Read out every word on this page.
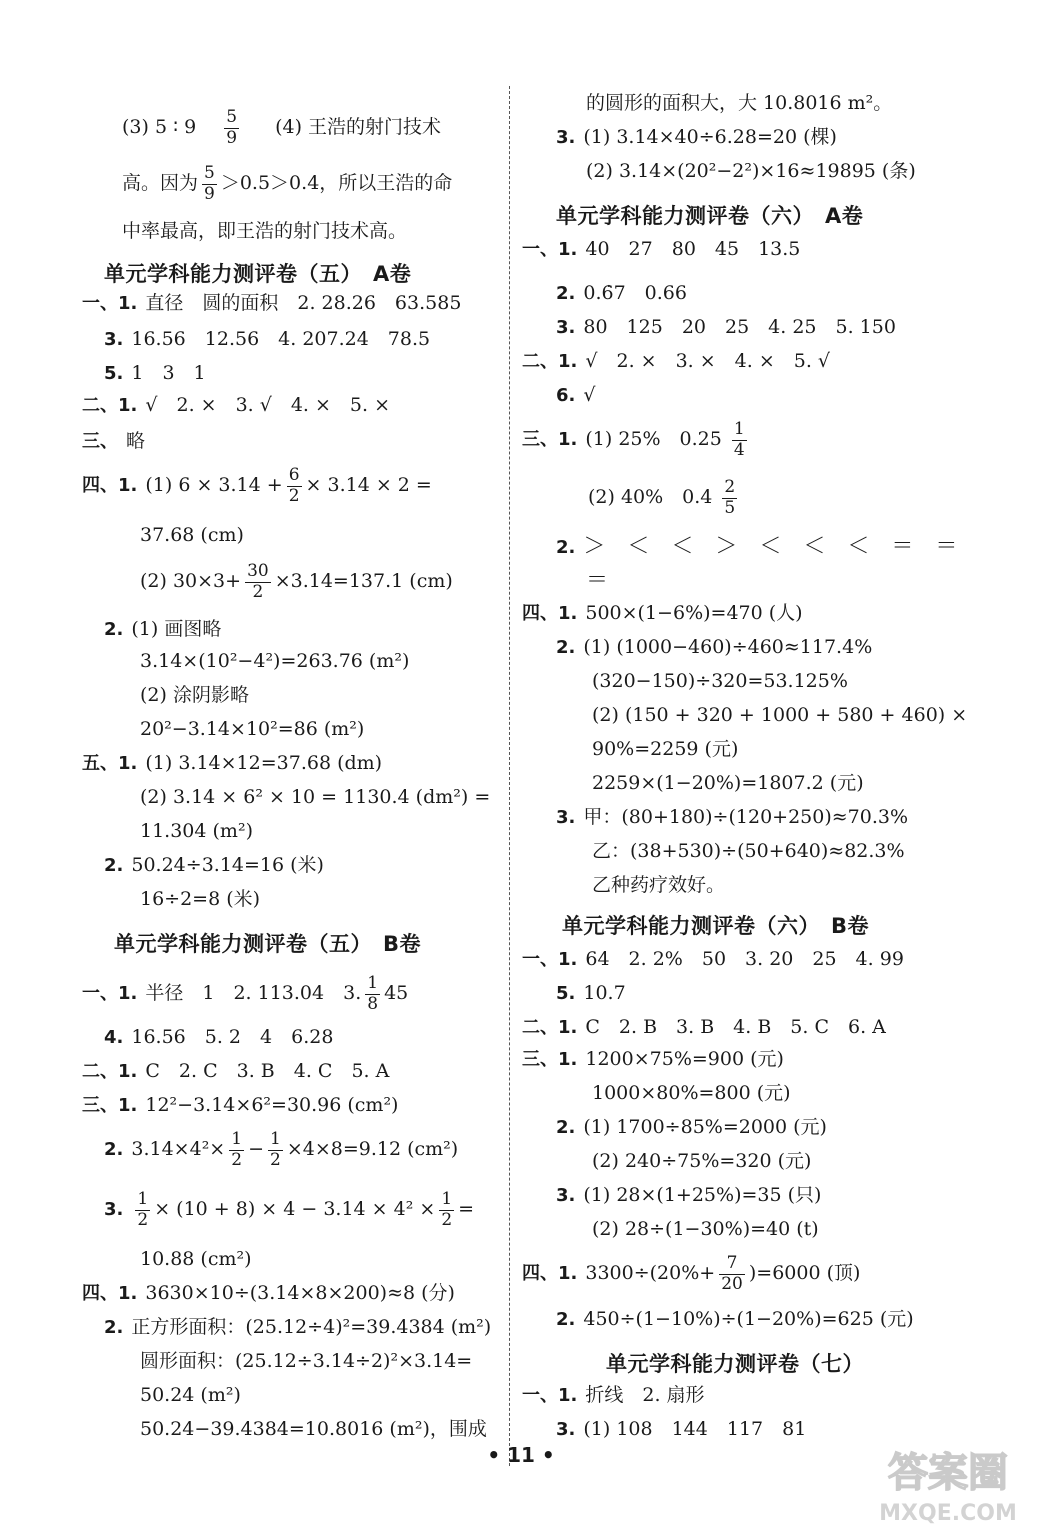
(3) 5 ∶ $9 \frac{5}{9} (4)$ 王浩的射门技术
高。因为 $\frac{5}{9} >0.5>0.4$，所以王浩的命
中率最高，即王浩的射门技术高。
单元学科能力测评卷（五）　A卷
一、1. 直径　圆的面积　2. 28.26　63.585
3. 16.56　12.56　4. 207.24　78.5
5. 1　3　1
二、1. √　2. ×　3. √　4. ×　5. ×
三、 略
四、1. (1) $6 \times 3.14 + \frac{6}{2} \times 3.14 \times 2$ =
37.68 (cm)
(2) $30\times 3+ \frac{30}{2} \times 3.14=137.1$ (cm)
2. (1) 画图略
3.14×(10²−4²)=263.76 (m²)
(2) 涂阴影略
20²−3.14×10²=86 (m²)
五、1. (1) 3.14×12=37.68 (dm)
(2) 3.14 × 6² × 10 = 1130.4 (dm²) =
11.304 (m²)
2. 50.24÷3.14=16 (米)
16÷2=8 (米)
单元学科能力测评卷（五）　B卷
一、1. 半径　1　2. 113.04　3. $\frac{1}{8} 45$
4. 16.56　5. 2　4　6.28
二、1. C　2. C　3. B　4. C　5. A
三、1. 12²−3.14×6²=30.96 (cm²)
2. $3.14\times 4^2\times \frac{1}{2} - \frac{1}{2} \times 4\times 8=9.12$ (cm²)
3. $\frac{1}{2} \times (10 + 8) \times 4 - 3.14 \times 4^2 \times \frac{1}{2}$ =
10.88 (cm²)
四、1. 3630×10÷(3.14×8×200)≈8 (分)
2. 正方形面积：(25.12÷4)²=39.4384 (m²)
圆形面积：(25.12÷3.14÷2)²×3.14=
50.24 (m²)
50.24−39.4384=10.8016 (m²)，围成
的圆形的面积大，大 10.8016 m²。
3. (1) 3.14×40÷6.28=20 (棵)
(2) 3.14×(20²−2²)×16≈19895 (条)
单元学科能力测评卷（六）　A卷
一、1. 40　27　80　45　13.5
2. 0.6̇7　0.66
3. 80　125　20　25　4. 25　5. 150
二、1. √　2. ×　3. ×　4. ×　5. √
6. √
三、1. (1) 25%　$0.25 \frac{1}{4}$
(2) 40%　$0.4 \frac{2}{5}$
2. ＞　＜　＜　＞　＜　＜　＜　＝　＝
＝
四、1. 500×(1−6%)=470 (人)
2. (1) (1000−460)÷460≈117.4%
(320−150)÷320=53.125%
(2) (150 + 320 + 1000 + 580 + 460) ×
90%=2259 (元)
2259×(1−20%)=1807.2 (元)
3. 甲：(80+180)÷(120+250)≈70.3%
乙：(38+530)÷(50+640)≈82.3%
乙种药疗效好。
单元学科能力测评卷（六）　B卷
一、1. 64　2. 2%　50　3. 20　25　4. 99
5. 10.7
二、1. C　2. B　3. B　4. B　5. C　6. A
三、1. 1200×75%=900 (元)
1000×80%=800 (元)
2. (1) 1700÷85%=2000 (元)
(2) 240÷75%=320 (元)
3. (1) 28×(1+25%)=35 (只)
(2) 28÷(1−30%)=40 (t)
四、1. $3300\div(20\%+ \frac{7}{20} )=6000$ (顶)
2. 450÷(1−10%)÷(1−20%)=625 (元)
单元学科能力测评卷（七）
一、1. 折线　2. 扇形
3. (1) 108　144　117　81
• 11 •	答案圈
MXQE.COM
